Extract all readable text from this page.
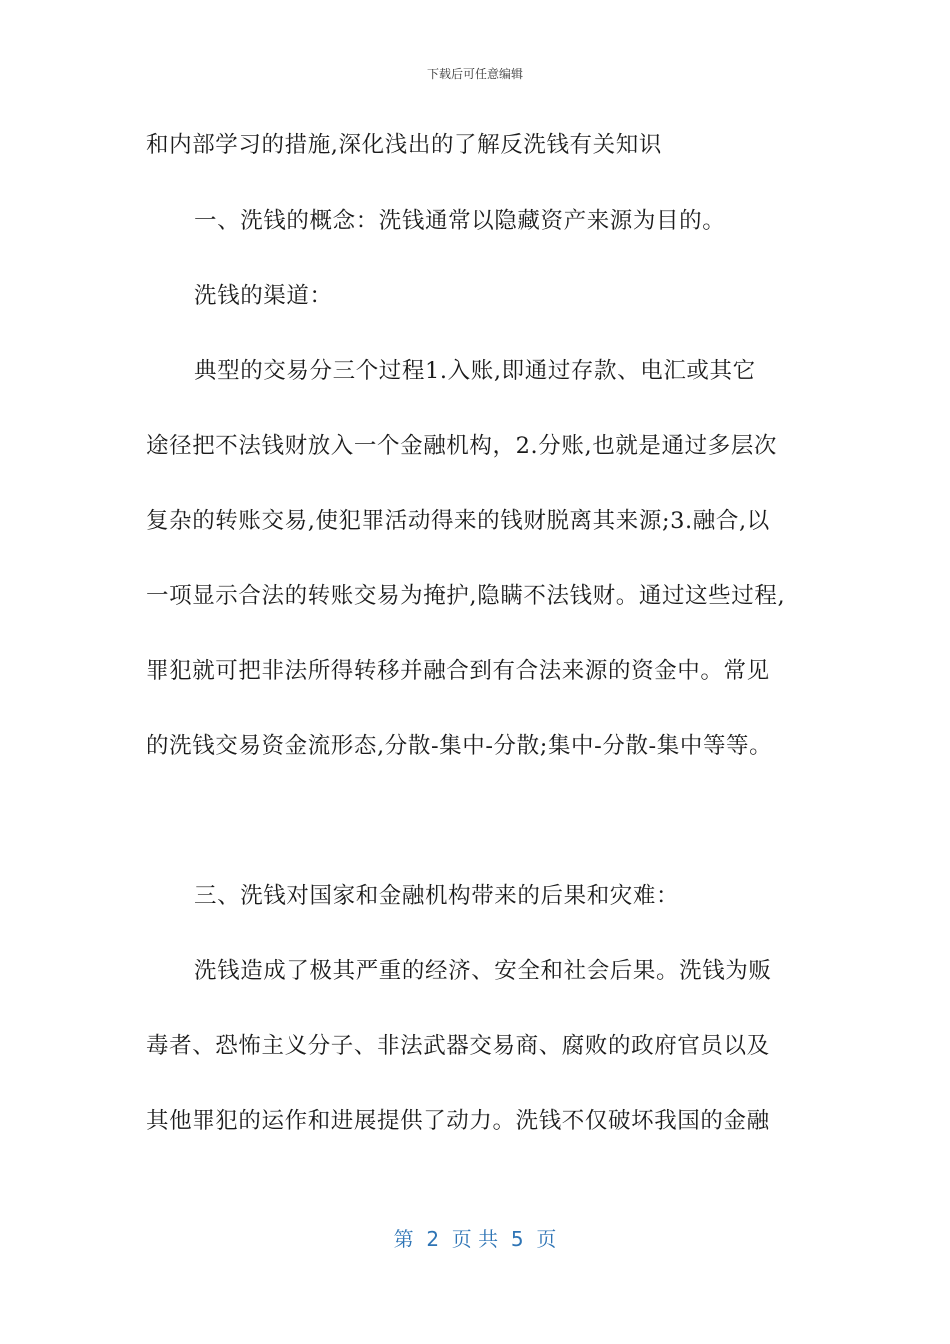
下载后可任意编辑
和内部学习的措施,深化浅出的了解反洗钱有关知识
一、洗钱的概念：洗钱通常以隐藏资产来源为目的。
洗钱的渠道：
典型的交易分三个过程1.入账,即通过存款、电汇或其它
途径把不法钱财放入一个金融机构，2.分账,也就是通过多层次
复杂的转账交易,使犯罪活动得来的钱财脱离其来源;3.融合,以
一项显示合法的转账交易为掩护,隐瞒不法钱财。通过这些过程,
罪犯就可把非法所得转移并融合到有合法来源的资金中。常见
的洗钱交易资金流形态,分散-集中-分散;集中-分散-集中等等。
三、洗钱对国家和金融机构带来的后果和灾难：
洗钱造成了极其严重的经济、安全和社会后果。洗钱为贩
毒者、恐怖主义分子、非法武器交易商、腐败的政府官员以及
其他罪犯的运作和进展提供了动力。洗钱不仅破坏我国的金融
第  2  页 共  5  页
